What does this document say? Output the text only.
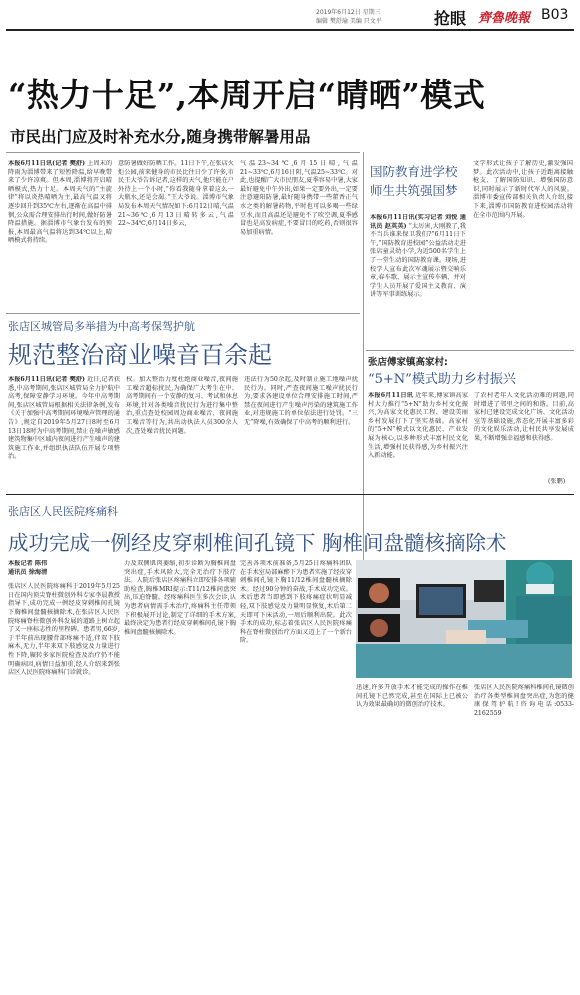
2019年6月12日 星期三
编辑 樊舒瑜 美编 只文平	抢眼 齊魯晚報 B03
“热力十足”,本周开启“晴晒”模式
市民出门应及时补充水分,随身携带解暑用品
本报6月11日讯(记者 樊舒) 上周末的降雨为淄博带来了短暂降温,给早晚带来了少许凉爽。但本周,淄博将开启晴晒模式,热力十足。本周天气的“主旋律”将以炎热晴晒为主,最高气温又将逐步回升到35℃左右,逐渐在高温中徘徊,公众需合理安排出行时间,做好防暑降温措施。据淄博市气象台发布的预报,本周最高气温将达到34℃以上,晴晒模式将持续。
意防暑做好防晒工作。11日下午,在张店火炬公园,前来健身的市民比往日少了许多,市民王大爷告诉记者,这样的天气,他只能在户外待上一个小时,“你看我随身拿着这么一大瓶水,还是会渴。”王大爷说。淄博市气象局发布本周天气情况如下:6月12日晴,气温21~36℃,6月13日晴转多云,气温22~34℃,6月14日多云,
气温23~34℃,6月15日晴,气温21~33℃,6月16日阴,气温25~33℃。对此,也提醒广大市民朋友,夏季容易中暑,大家最好避免中午外出,如果一定要外出,一定要注意避阳防暑,最好随身携带一些藿香正气水之类的解暑药物,平时也可以多喝一些绿豆水,而且高温还是避免不了吹空调,夏季感冒也是高发病症,不要冒目的吃药,否则很容易加重病情。
国防教育进学校 师生共筑强国梦
本报6月11日讯(实习记者 刘悦 通讯员 赵英英) “太厉害,大刚教了,我不当兵谁来保卫我们?”6月11日下午,“国防教育进校园”公益活动走进张店童灵幼小学,为近500名学生上了一堂生动的国防教育课。现场,进校学人宣布此次军魂展示暨交响乐章,春车歌、展示主宣传车辆、并对学生人员开展了爱国主义教育、演讲等军事训练展示。
文学形式让孩子了解历史,激发强国梦。此次活动中,让孩子近距离接触枪支、了解国防知识、增强国防意识,同时展示了新时代军人的风貌。淄博市委宣传部相关负责人介绍,接下来,淄博市国防教育进校园活动将在全市范围内开展。
张店区城管局多举措为中高考保驾护航
规范整治商业噪音百余起
本报6月11日讯(记者 樊舒) 近日,记者获悉,中高考期间,张店区城管局全力护航中高考,保障安静学习环境。今年中高考期间,张店区城管局根据相关法律条例,发布《关于加强中高考期间环境噪声管理的通告》,规定自2019年5月27日8时至6月13日18时为中高考期间,禁止在噪声敏感建筑物集中区域内夜间进行产生噪声的建筑施工作业,并组织执法队伍开展专项整治。
权。加大整治力度杜绝商业噪音,夜间施工噪音超标扰民,为确保广大考生在中、高考期间有一个安静的复习、考试和休息环境,针对各类噪音扰民行为进行集中整治,重点查处校园周边商业噪音、夜间施工噪音等行为,共出动执法人员300余人次,查处噪音扰民问题。
违法行为50余起,及时制止施工地噪声扰民行为。同时,严查夜间施工噪声扰民行为,要求各建设单位合理安排施工时间,严禁在夜间进行产生噪声污染的建筑施工作业,对违规施工的单位依法进行处罚。“三无”降噪,有效确保了中高考的顺利进行。
张店傅家镇高家村:
“5+N”模式助力乡村振兴
本报6月11日讯 近年来,傅家镇高家村大力推行“5+N”助力乡村文化振兴,为高家文化惠民工程、建设美丽乡村发展打下了坚实基础。高家村的“5+N”模式以文化惠民、产业发展为核心,以多种形式丰富村民文化生活,增强村民获得感,为乡村振兴注入新动能。
了农村老年人文化活动难的问题,同时增进了邻里之间的和谐。目前,高家村已建设完成文化广场、文化活动室等基础设施,常态化开展丰富多彩的文化娱乐活动,让村民共享发展成果,不断增强幸福感和获得感。
(张鹏)
张店区人民医院疼痛科
成功完成一例经皮穿刺椎间孔镜下 胸椎间盘髓核摘除术
本报记者 陈伟
通讯员 徐海清
张店区人民医院疼痛科于2019年5月25日在国内顶尖脊柱微创外科专家李晨教授指导下,成功完成一例经皮穿刺椎间孔镜下胸椎间盘髓核摘除术,在张店区人民医院疼痛脊柱微创外科发展的道路上树立起了又一座标志性的里程碑。患者男,66岁,于半年前出现腰背部疼痛不适,伴双下肢麻木,无力,半年来双下肢感觉及力量进行性下降,辗转多家医院检查及治疗仍不能明确病因,病情日益加重,经人介绍来到张店区人民医院疼痛科门诊就诊。
力及双侧肌肉萎缩,初步诊断为胸椎间盘突出症,手术风险大,完全无治疗下肢疗法。人院后张店区疼痛科立即安排各项辅助检查,胸椎MRI提示:T11/12椎间盘突出,压迫脊髓。经疼痛科医生多次会诊,认为患者病情需手术治疗,疼痛科主任带领下积极展开讨论,制定了详细的手术方案,最终决定为患者行经皮穿刺椎间孔镜下胸椎间盘髓核摘除术。
完善各项术前准备,5月25日疼痛科团队在手术室局部麻醉下为患者实施了经皮穿刺椎间孔镜下胸11/12椎间盘髓核摘除术。经过90分钟的奋战,手术成功完成。术后患者当即感到下肢疼痛症状明显减轻,双下肢感觉及力量明显恢复,术后第二天即可下床活动,一周后顺利出院。此次手术的成功,标志着张店区人民医院疼痛科在脊柱微创治疗方面又迈上了一个新台阶。
迅速,许多开放手术才能完成的操作在椎间孔镜下已然完成,甚至在国际上已被公认为效果最确切的微创治疗技术。
张店区人民医院疼痛科椎间孔镜微创治疗各类型椎间盘突出症,为您的健康保驾护航!咨询电话:0533-2162559
